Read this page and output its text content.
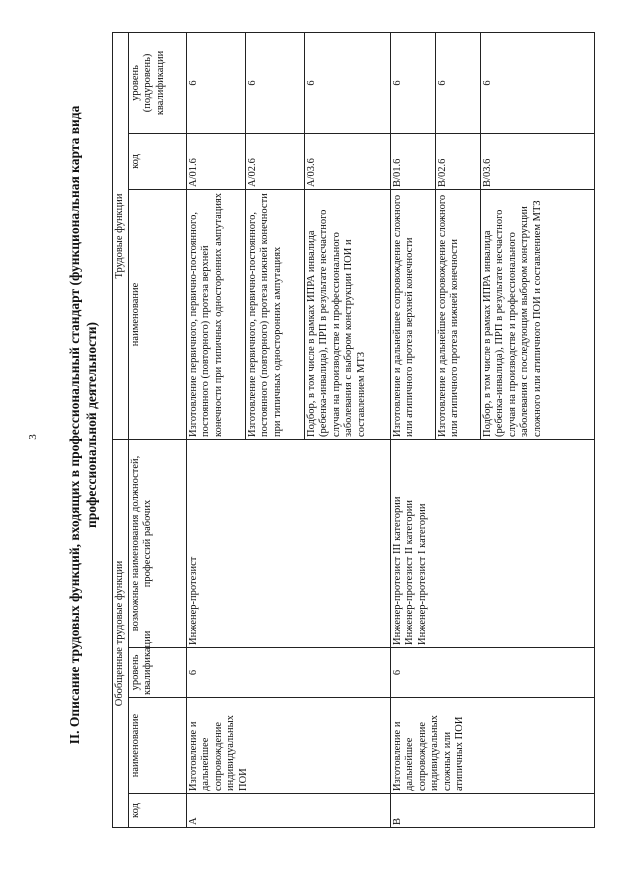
3 II. Описание трудовых функций, входящих в профессиональный стандарт (функциональная карта вида профессиональной деятельности)
Обобщенные трудовые функции				Трудовые функции		
код	наименование	уровень квалификации	возможные наименования должностей, профессий рабочих	наименование	код	уровень (подуровень) квалификации
A	Изготовление и дальнейшее сопровождение индивидуальных ПОИ	6	Инженер-протезист	Изготовление первичного, первично-постоянного, постоянного (повторного) протеза верхней конечности при типичных односторонних ампутациях	A/01.6	6
				Изготовление первичного, первично-постоянного, постоянного (повторного) протеза нижней конечности при типичных односторонних ампутациях	A/02.6	6
				Подбор, в том числе в рамках ИПРА инвалида (ребенка-инвалида), ПРП в результате несчастного случая на производстве и профессионального заболевания с выбором конструкции ПОИ и составлением МТЗ	A/03.6	6
B	Изготовление и дальнейшее сопровождение индивидуальных сложных или атипичных ПОИ	6	Инженер-протезист III категории Инженер-протезист II категории Инженер-протезист I категории	Изготовление и дальнейшее сопровождение сложного или атипичного протеза верхней конечности	B/01.6	6
				Изготовление и дальнейшее сопровождение сложного или атипичного протеза нижней конечности	B/02.6	6
				Подбор, в том числе в рамках ИПРА инвалида (ребенка-инвалида), ПРП в результате несчастного случая на производстве и профессионального заболевания с последующим выбором конструкции сложного или атипичного ПОИ и составлением МТЗ	B/03.6	6
